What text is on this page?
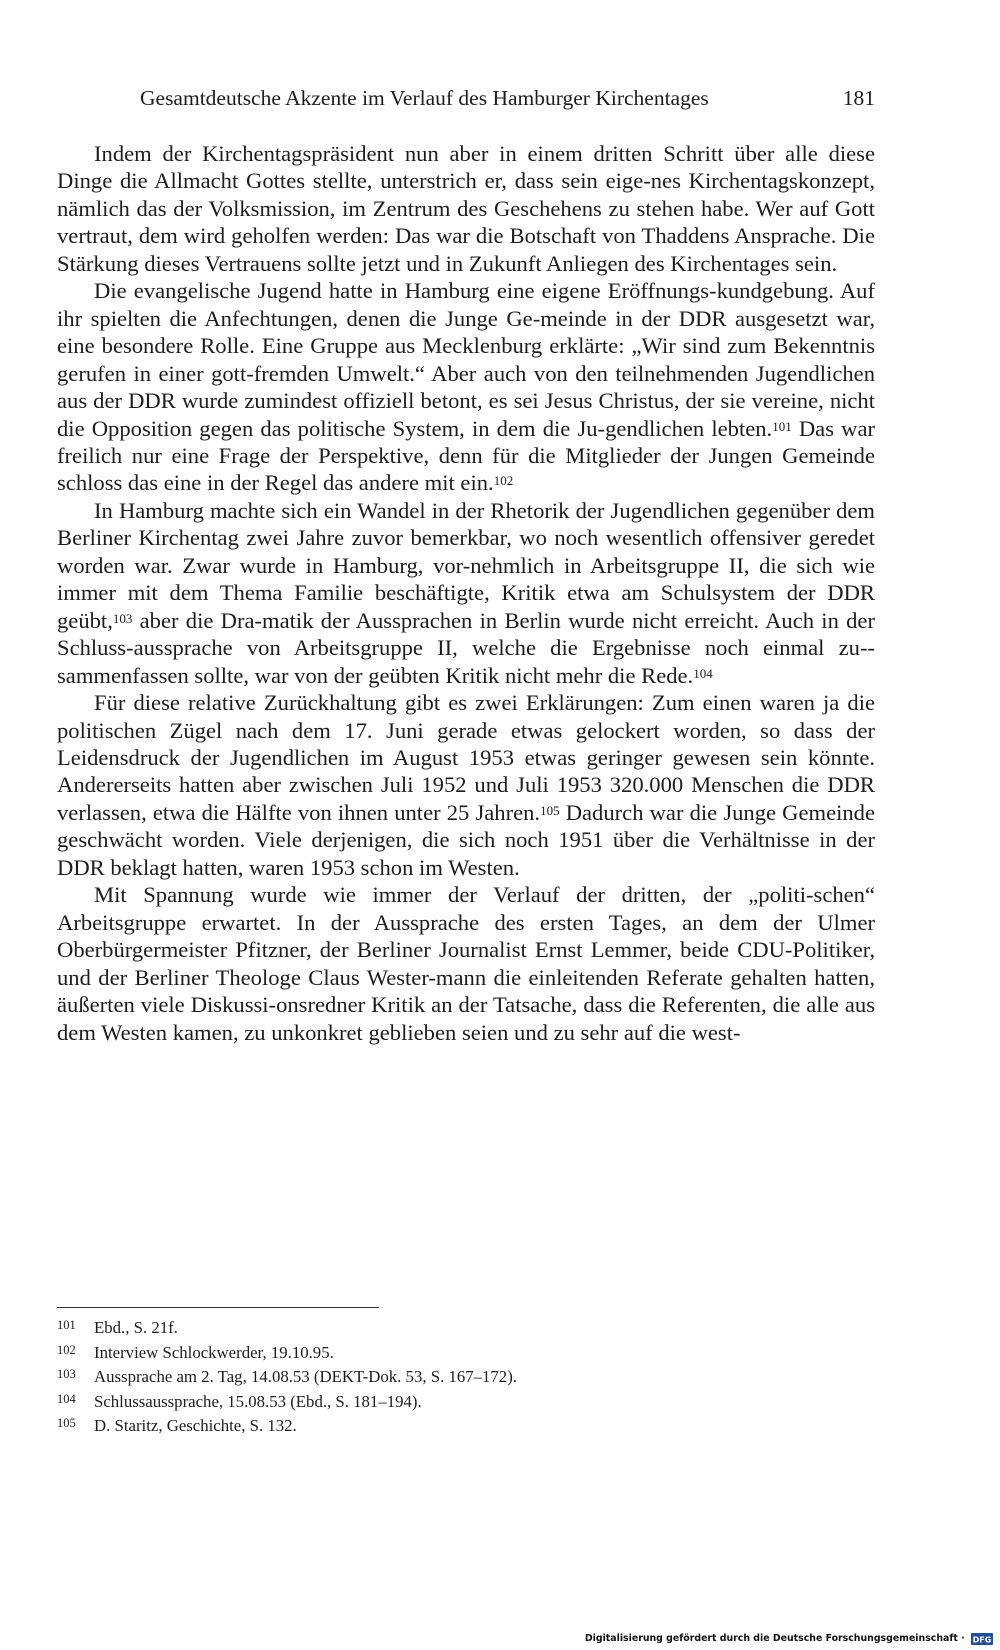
Gesamtdeutsche Akzente im Verlauf des Hamburger Kirchentages	181

Indem der Kirchentagspräsident nun aber in einem dritten Schritt über alle diese Dinge die Allmacht Gottes stellte, unterstrich er, dass sein eige-nes Kirchentagskonzept, nämlich das der Volksmission, im Zentrum des Geschehens zu stehen habe. Wer auf Gott vertraut, dem wird geholfen werden: Das war die Botschaft von Thaddens Ansprache. Die Stärkung dieses Vertrauens sollte jetzt und in Zukunft Anliegen des Kirchentages sein.

Die evangelische Jugend hatte in Hamburg eine eigene Eröffnungs-kundgebung. Auf ihr spielten die Anfechtungen, denen die Junge Ge-meinde in der DDR ausgesetzt war, eine besondere Rolle. Eine Gruppe aus Mecklenburg erklärte: „Wir sind zum Bekenntnis gerufen in einer gott-fremden Umwelt.“ Aber auch von den teilnehmenden Jugendlichen aus der DDR wurde zumindest offiziell betont, es sei Jesus Christus, der sie vereine, nicht die Opposition gegen das politische System, in dem die Ju-gendlichen lebten.$^{101}$ Das war freilich nur eine Frage der Perspektive, denn für die Mitglieder der Jungen Gemeinde schloss das eine in der Regel das andere mit ein.$^{102}$

In Hamburg machte sich ein Wandel in der Rhetorik der Jugendlichen gegenüber dem Berliner Kirchentag zwei Jahre zuvor bemerkbar, wo noch wesentlich offensiver geredet worden war. Zwar wurde in Hamburg, vor-nehmlich in Arbeitsgruppe II, die sich wie immer mit dem Thema Familie beschäftigte, Kritik etwa am Schulsystem der DDR geübt,$^{103}$ aber die Dra-matik der Aussprachen in Berlin wurde nicht erreicht. Auch in der Schluss-aussprache von Arbeitsgruppe II, welche die Ergebnisse noch einmal zu-sammenfassen sollte, war von der geübten Kritik nicht mehr die Rede.$^{104}$

Für diese relative Zurückhaltung gibt es zwei Erklärungen: Zum einen waren ja die politischen Zügel nach dem 17. Juni gerade etwas gelockert worden, so dass der Leidensdruck der Jugendlichen im August 1953 etwas geringer gewesen sein könnte. Andererseits hatten aber zwischen Juli 1952 und Juli 1953 320.000 Menschen die DDR verlassen, etwa die Hälfte von ihnen unter 25 Jahren.$^{105}$ Dadurch war die Junge Gemeinde geschwächt worden. Viele derjenigen, die sich noch 1951 über die Verhältnisse in der DDR beklagt hatten, waren 1953 schon im Westen.

Mit Spannung wurde wie immer der Verlauf der dritten, der „politi-schen“ Arbeitsgruppe erwartet. In der Aussprache des ersten Tages, an dem der Ulmer Oberbürgermeister Pfitzner, der Berliner Journalist Ernst Lemmer, beide CDU-Politiker, und der Berliner Theologe Claus Wester-mann die einleitenden Referate gehalten hatten, äußerten viele Diskussi-onsredner Kritik an der Tatsache, dass die Referenten, die alle aus dem Westen kamen, zu unkonkret geblieben seien und zu sehr auf die west-

101 Ebd., S. 21f.
102 Interview Schlockwerder, 19.10.95.
103 Aussprache am 2. Tag, 14.08.53 (DEKT-Dok. 53, S. 167–172).
104 Schlussaussprache, 15.08.53 (Ebd., S. 181–194).
105 D. Staritz, Geschichte, S. 132.
Digitalisierung gefördert durch die Deutsche Forschungsgemeinschaft · DFG
